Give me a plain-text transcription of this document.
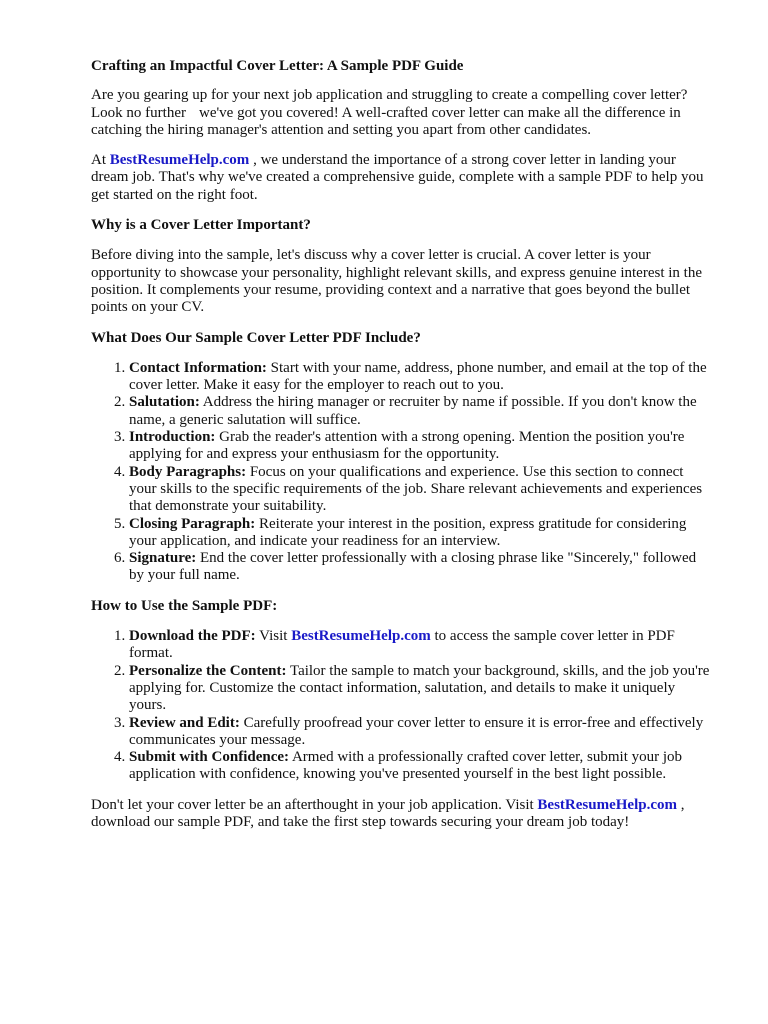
Crafting an Impactful Cover Letter: A Sample PDF Guide

Are you gearing up for your next job application and struggling to create a compelling cover letter? Look no further we've got you covered! A well-crafted cover letter can make all the difference in catching the hiring manager's attention and setting you apart from other candidates.

At BestResumeHelp.com , we understand the importance of a strong cover letter in landing your dream job. That's why we've created a comprehensive guide, complete with a sample PDF to help you get started on the right foot.

Why is a Cover Letter Important?

Before diving into the sample, let's discuss why a cover letter is crucial. A cover letter is your opportunity to showcase your personality, highlight relevant skills, and express genuine interest in the position. It complements your resume, providing context and a narrative that goes beyond the bullet points on your CV.

What Does Our Sample Cover Letter PDF Include?
1. Contact Information: Start with your name, address, phone number, and email at the top of the cover letter. Make it easy for the employer to reach out to you.
2. Salutation: Address the hiring manager or recruiter by name if possible. If you don't know the name, a generic salutation will suffice.
3. Introduction: Grab the reader's attention with a strong opening. Mention the position you're applying for and express your enthusiasm for the opportunity.
4. Body Paragraphs: Focus on your qualifications and experience. Use this section to connect your skills to the specific requirements of the job. Share relevant achievements and experiences that demonstrate your suitability.
5. Closing Paragraph: Reiterate your interest in the position, express gratitude for considering your application, and indicate your readiness for an interview.
6. Signature: End the cover letter professionally with a closing phrase like "Sincerely," followed by your full name.
How to Use the Sample PDF:
1. Download the PDF: Visit BestResumeHelp.com to access the sample cover letter in PDF format.
2. Personalize the Content: Tailor the sample to match your background, skills, and the job you're applying for. Customize the contact information, salutation, and details to make it uniquely yours.
3. Review and Edit: Carefully proofread your cover letter to ensure it is error-free and effectively communicates your message.
4. Submit with Confidence: Armed with a professionally crafted cover letter, submit your job application with confidence, knowing you've presented yourself in the best light possible.

Don't let your cover letter be an afterthought in your job application. Visit BestResumeHelp.com , download our sample PDF, and take the first step towards securing your dream job today!
